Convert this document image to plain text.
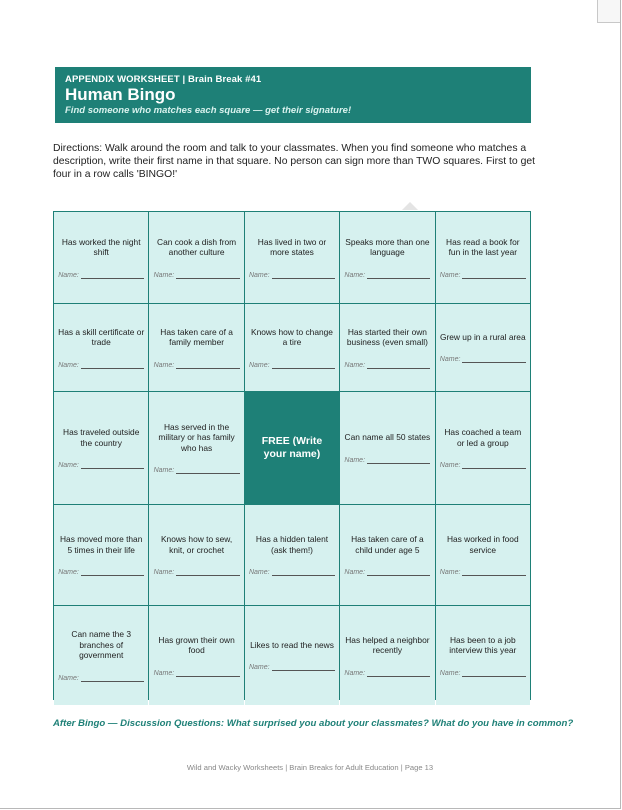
APPENDIX WORKSHEET | Brain Break #41
Human Bingo
Find someone who matches each square — get their signature!
Directions: Walk around the room and talk to your classmates. When you find someone who matches a description, write their first name in that square. No person can sign more than TWO squares. First to get four in a row calls 'BINGO!'
Has worked the night shift
Name:
Can cook a dish from another culture
Name:
Has lived in two or more states
Name:
Speaks more than one language
Name:
Has read a book for fun in the last year
Name:
Has a skill certificate or trade
Name:
Has taken care of a family member
Name:
Knows how to change a tire
Name:
Has started their own business (even small)
Name:
Grew up in a rural area
Name:
Has traveled outside the country
Name:
Has served in the military or has family who has
Name:
FREE (Write your name)
Can name all 50 states
Name:
Has coached a team or led a group
Name:
Has moved more than 5 times in their life
Name:
Knows how to sew, knit, or crochet
Name:
Has a hidden talent (ask them!)
Name:
Has taken care of a child under age 5
Name:
Has worked in food service
Name:
Can name the 3 branches of government
Name:
Has grown their own food
Name:
Likes to read the news
Name:
Has helped a neighbor recently
Name:
Has been to a job interview this year
Name:
After Bingo — Discussion Questions: What surprised you about your classmates? What do you have in common?
Wild and Wacky Worksheets | Brain Breaks for Adult Education | Page 13
